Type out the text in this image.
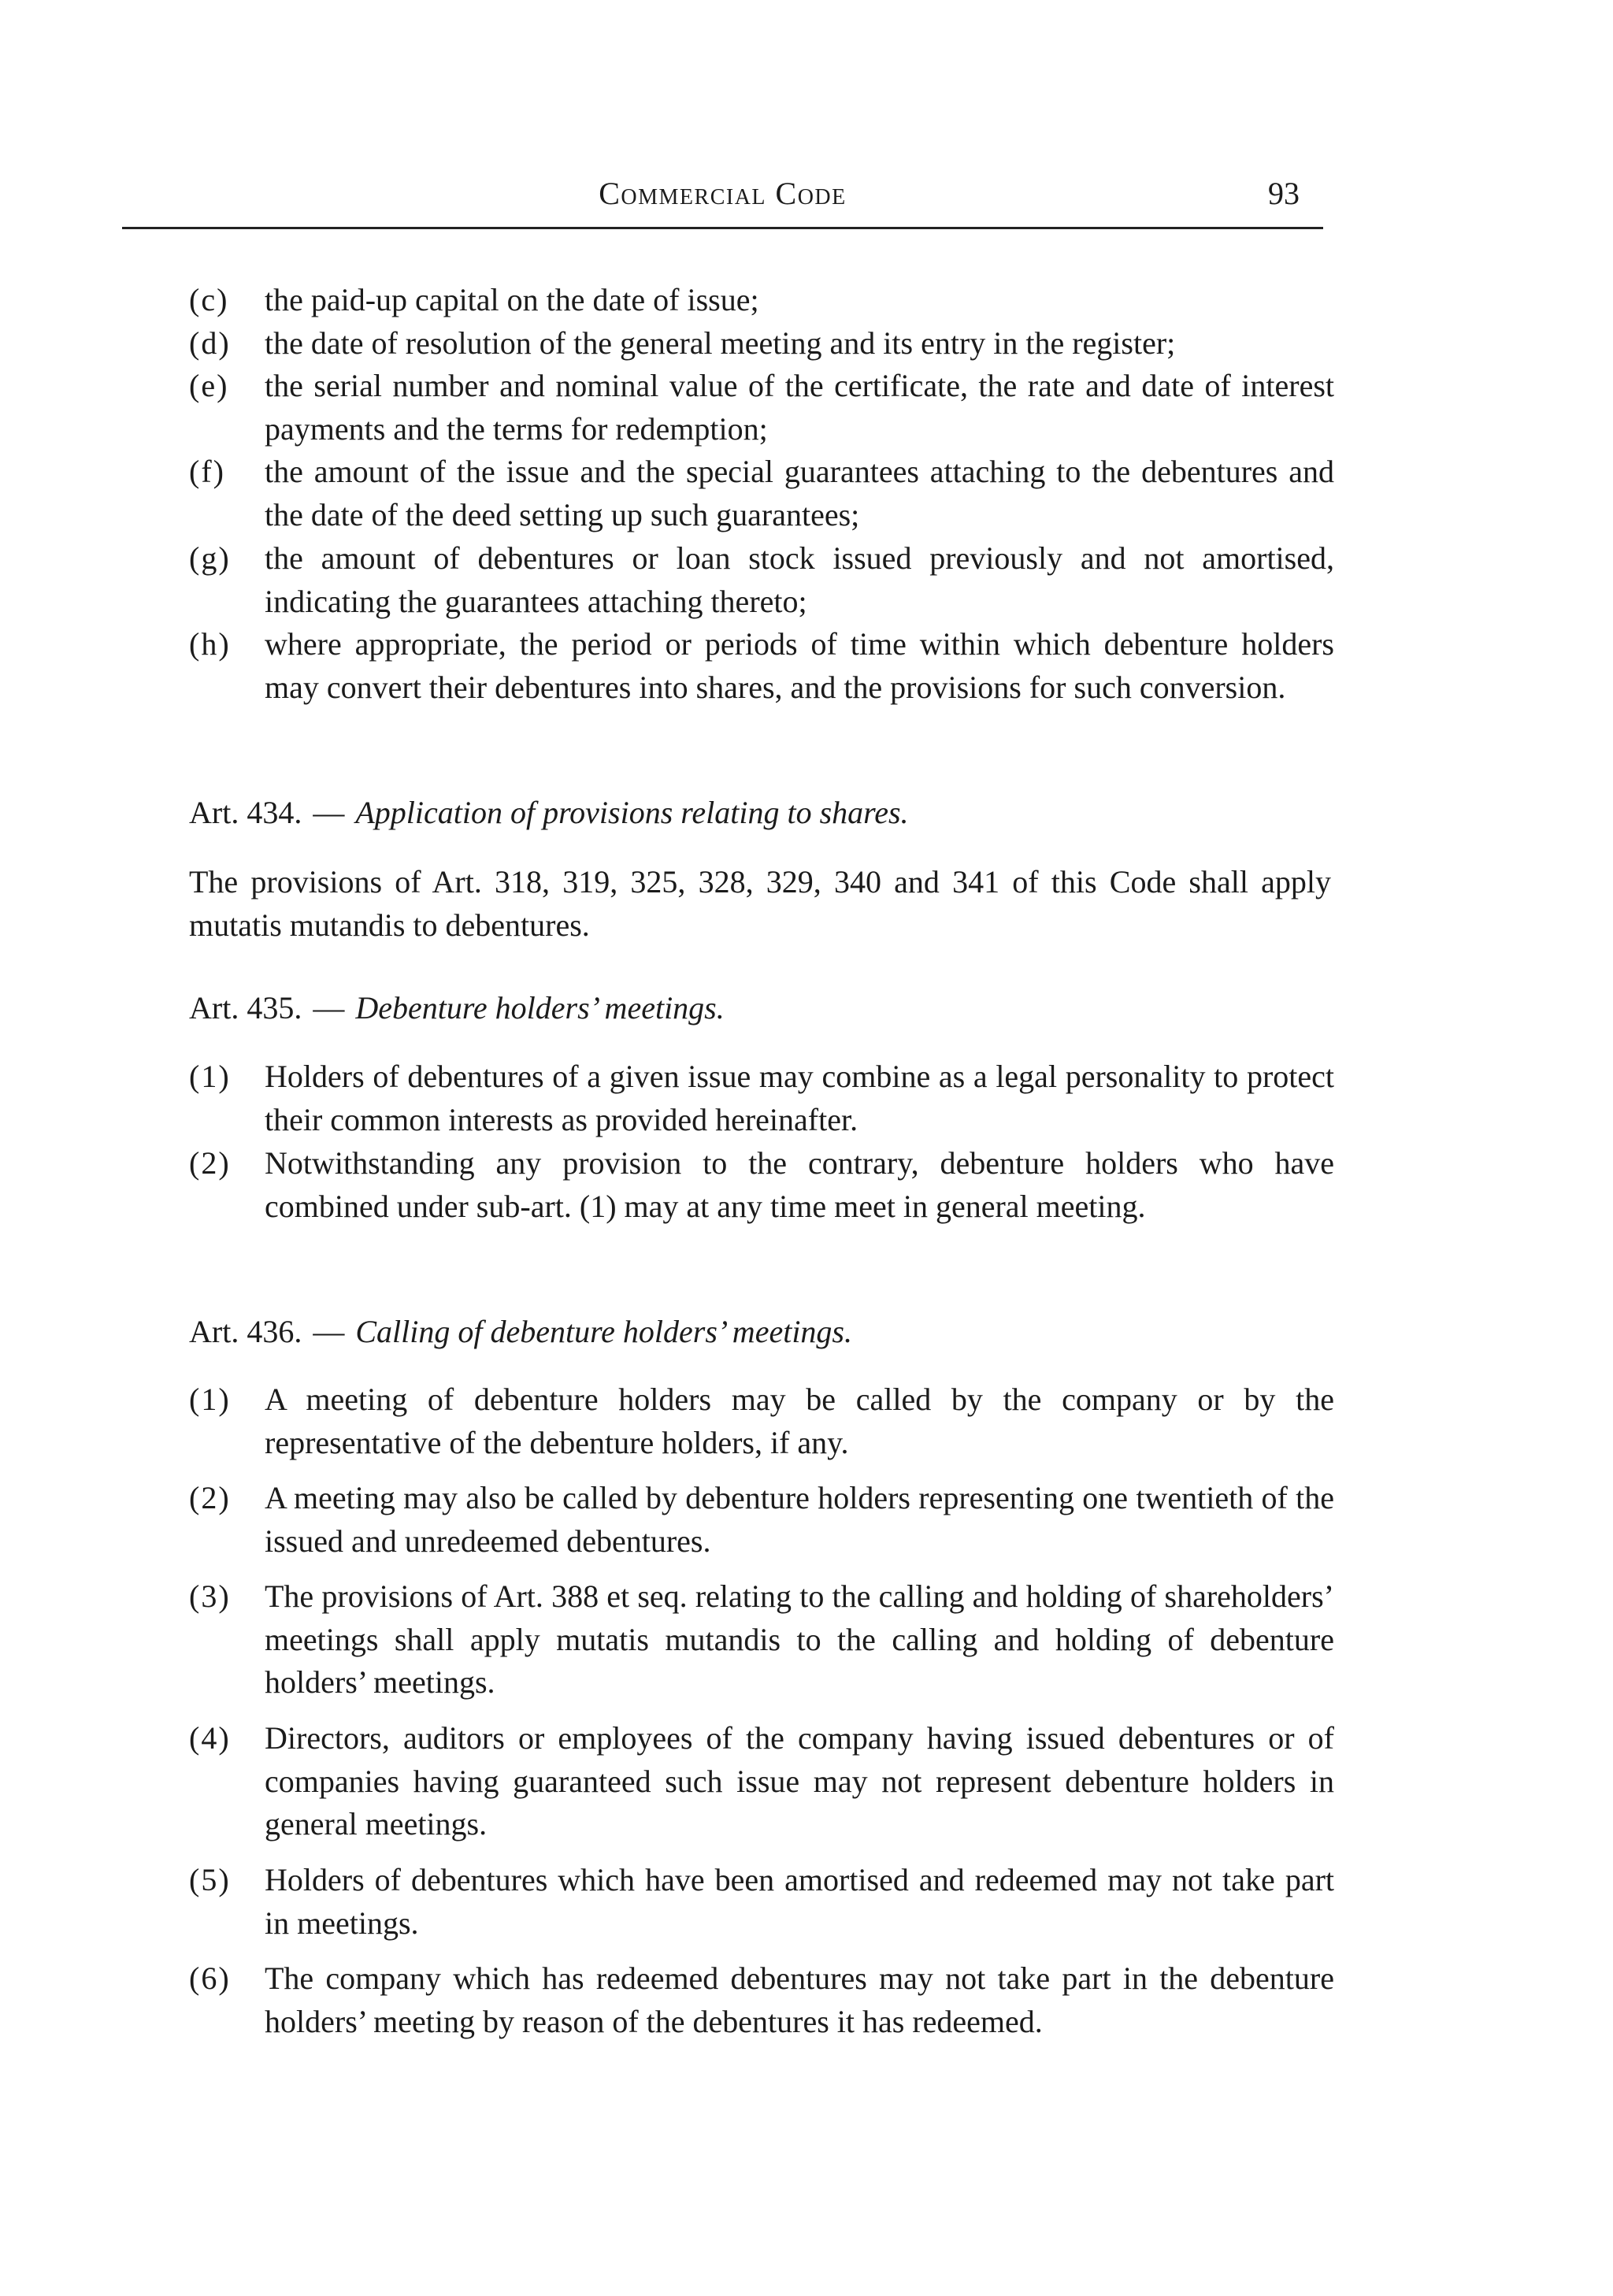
Commercial Code	93
(c)	the paid-up capital on the date of issue;
(d)	the date of resolution of the general meeting and its entry in the register;
(e)	the serial number and nominal value of the certificate, the rate and date of interest payments and the terms for redemption;
(f)	the amount of the issue and the special guarantees attaching to the debentures and the date of the deed setting up such guarantees;
(g)	the amount of debentures or loan stock issued previously and not amortised, indicating the guarantees attaching thereto;
(h)	where appropriate, the period or periods of time within which debenture holders may convert their debentures into shares, and the provisions for such conversion.
Art. 434. — Application of provisions relating to shares.
The provisions of Art. 318, 319, 325, 328, 329, 340 and 341 of this Code shall apply mutatis mutandis to debentures.
Art. 435. — Debenture holders’ meetings.
(1)	Holders of debentures of a given issue may combine as a legal personality to protect their common interests as provided hereinafter.
(2)	Notwithstanding any provision to the contrary, debenture holders who have combined under sub-art. (1) may at any time meet in general meeting.
Art. 436. — Calling of debenture holders’ meetings.
(1)	A meeting of debenture holders may be called by the company or by the representative of the debenture holders, if any.
(2)	A meeting may also be called by debenture holders representing one twentieth of the issued and unredeemed debentures.
(3)	The provisions of Art. 388 et seq. relating to the calling and holding of shareholders’ meetings shall apply mutatis mutandis to the calling and holding of debenture holders’ meetings.
(4)	Directors, auditors or employees of the company having issued debentures or of companies having guaranteed such issue may not represent debenture holders in general meetings.
(5)	Holders of debentures which have been amortised and redeemed may not take part in meetings.
(6)	The company which has redeemed debentures may not take part in the debenture holders’ meeting by reason of the debentures it has redeemed.
